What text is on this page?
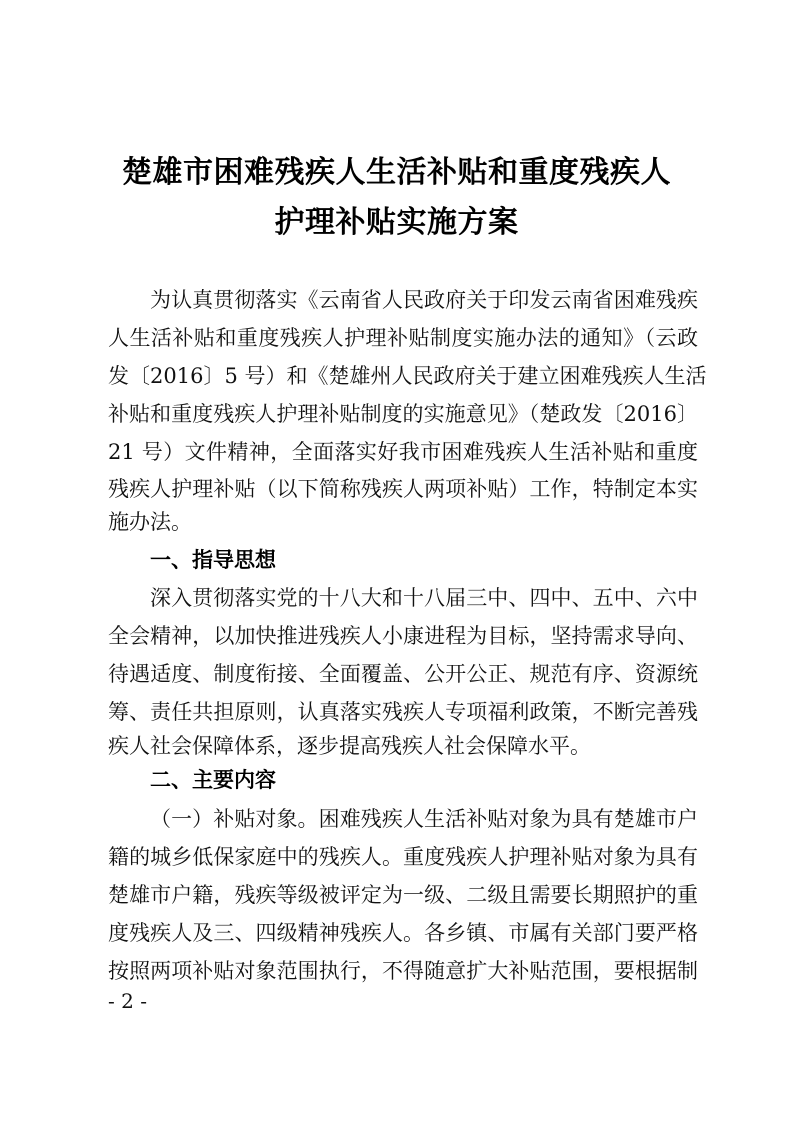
楚雄市困难残疾人生活补贴和重度残疾人
护理补贴实施方案
为认真贯彻落实《云南省人民政府关于印发云南省困难残疾
人生活补贴和重度残疾人护理补贴制度实施办法的通知》（云政
发〔2016〕5 号）和《楚雄州人民政府关于建立困难残疾人生活
补贴和重度残疾人护理补贴制度的实施意见》（楚政发〔2016〕
21 号）文件精神，全面落实好我市困难残疾人生活补贴和重度
残疾人护理补贴（以下简称残疾人两项补贴）工作，特制定本实
施办法。
一、指导思想
深入贯彻落实党的十八大和十八届三中、四中、五中、六中
全会精神，以加快推进残疾人小康进程为目标，坚持需求导向、
待遇适度、制度衔接、全面覆盖、公开公正、规范有序、资源统
筹、责任共担原则，认真落实残疾人专项福利政策，不断完善残
疾人社会保障体系，逐步提高残疾人社会保障水平。
二、主要内容
（一）补贴对象。困难残疾人生活补贴对象为具有楚雄市户
籍的城乡低保家庭中的残疾人。重度残疾人护理补贴对象为具有
楚雄市户籍，残疾等级被评定为一级、二级且需要长期照护的重
度残疾人及三、四级精神残疾人。各乡镇、市属有关部门要严格
按照两项补贴对象范围执行，不得随意扩大补贴范围，要根据制
- 2 -
